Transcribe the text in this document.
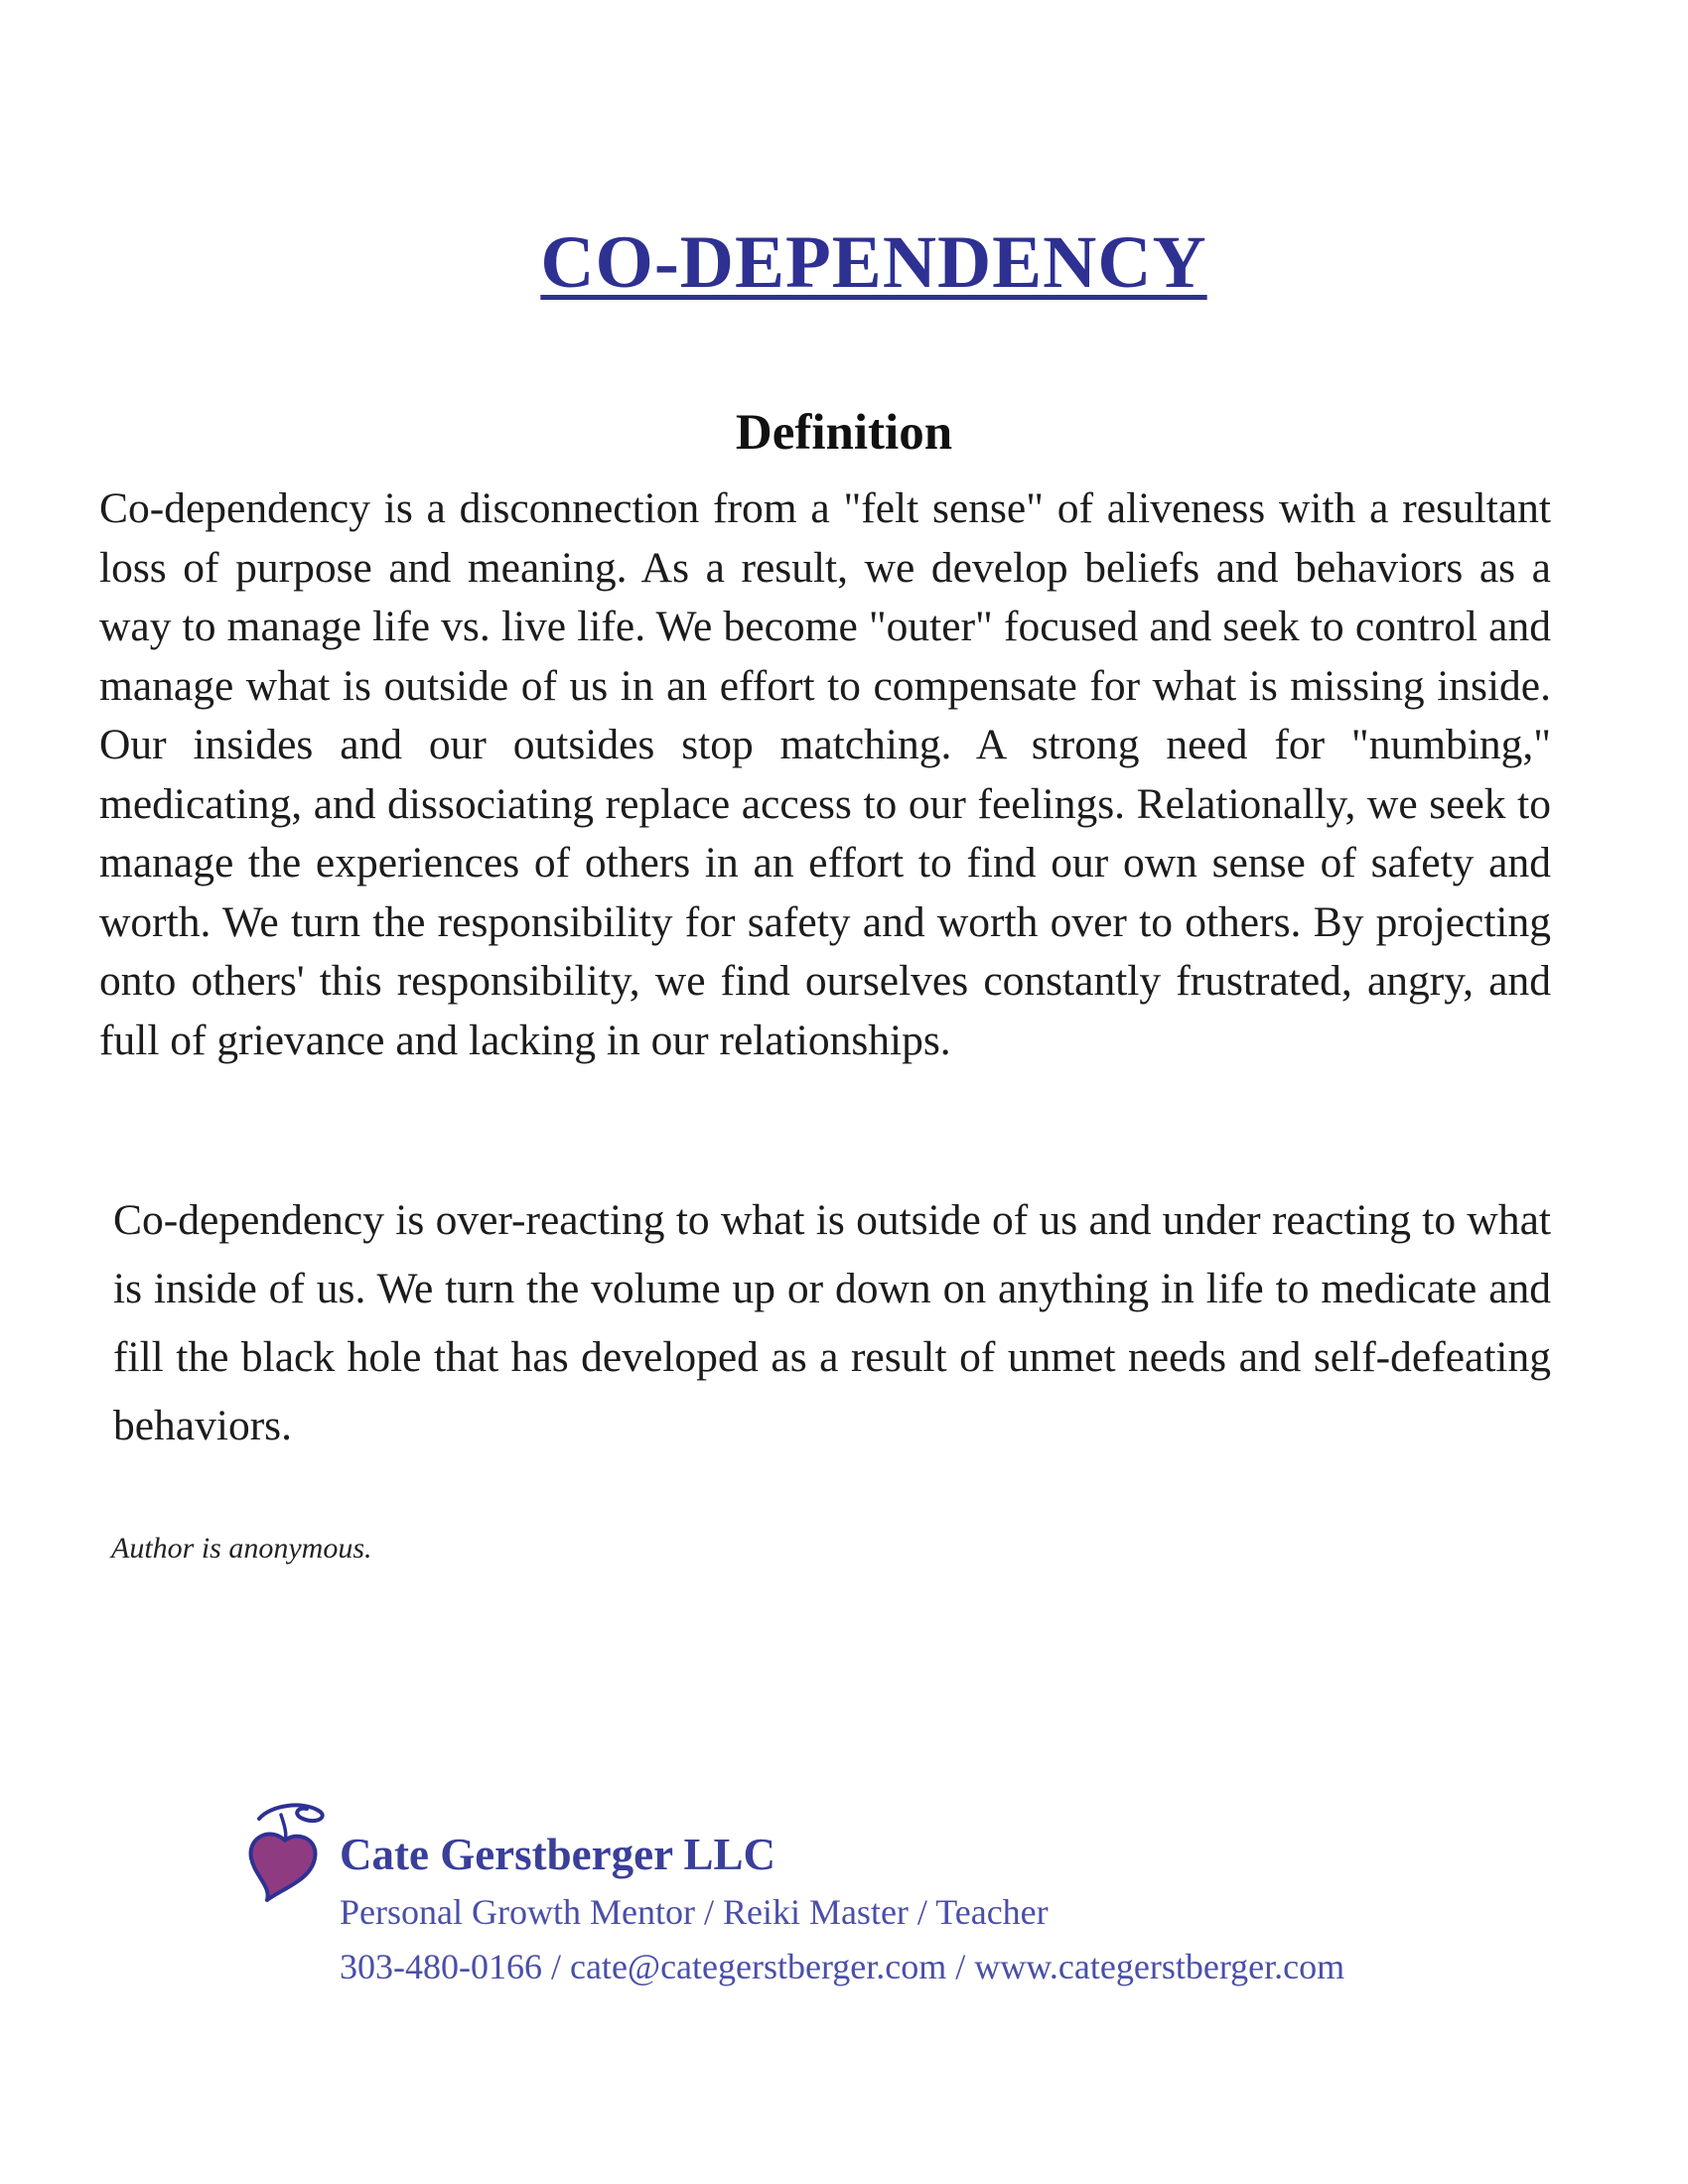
CO-DEPENDENCY
Definition

Co-dependency is a disconnection from a "felt sense" of aliveness with a resultant loss of purpose and meaning. As a result, we develop beliefs and behaviors as a way to manage life vs. live life. We become "outer" focused and seek to control and manage what is outside of us in an effort to compensate for what is missing inside. Our insides and our outsides stop matching. A strong need for "numbing," medicating, and dissociating replace access to our feelings. Relationally, we seek to manage the experiences of others in an effort to find our own sense of safety and worth. We turn the responsibility for safety and worth over to others. By projecting onto others' this responsibility, we find ourselves constantly frustrated, angry, and full of grievance and lacking in our relationships.

Co-dependency is over-reacting to what is outside of us and under reacting to what is inside of us. We turn the volume up or down on anything in life to medicate and fill the black hole that has developed as a result of unmet needs and self-defeating behaviors.

Author is anonymous.
Cate Gerstberger LLC
Personal Growth Mentor / Reiki Master / Teacher
303-480-0166 / cate@categerstberger.com / www.categerstberger.com
